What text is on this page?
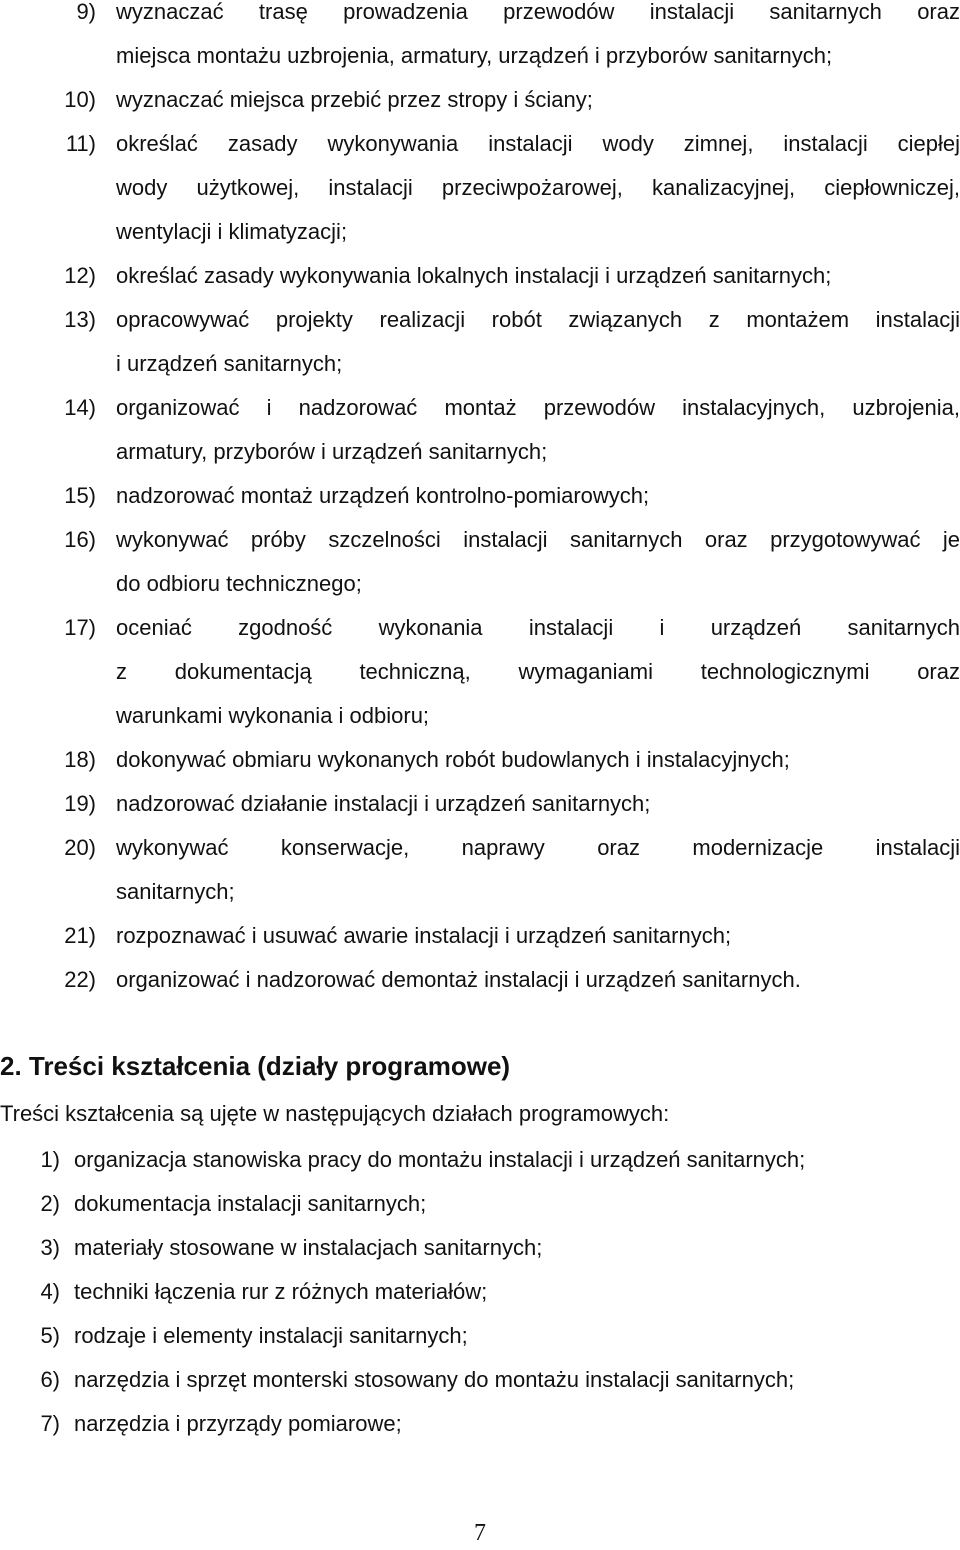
9) wyznaczać trasę prowadzenia przewodów instalacji sanitarnych oraz
miejsca montażu uzbrojenia, armatury, urządzeń i przyborów sanitarnych;
10) wyznaczać miejsca przebić przez stropy i ściany;
11) określać zasady wykonywania instalacji wody zimnej, instalacji ciepłej
wody użytkowej, instalacji przeciwpożarowej, kanalizacyjnej, ciepłowniczej,
wentylacji i klimatyzacji;
12) określać zasady wykonywania lokalnych instalacji i urządzeń sanitarnych;
13) opracowywać projekty realizacji robót związanych z montażem instalacji
i urządzeń sanitarnych;
14) organizować i nadzorować montaż przewodów instalacyjnych, uzbrojenia,
armatury, przyborów i urządzeń sanitarnych;
15) nadzorować montaż urządzeń kontrolno-pomiarowych;
16) wykonywać próby szczelności instalacji sanitarnych oraz przygotowywać je
do odbioru technicznego;
17) oceniać zgodność wykonania instalacji i urządzeń sanitarnych
z dokumentacją techniczną, wymaganiami technologicznymi oraz
warunkami wykonania i odbioru;
18) dokonywać obmiaru wykonanych robót budowlanych i instalacyjnych;
19) nadzorować działanie instalacji i urządzeń sanitarnych;
20) wykonywać konserwacje, naprawy oraz modernizacje instalacji
sanitarnych;
21) rozpoznawać i usuwać awarie instalacji i urządzeń sanitarnych;
22) organizować i nadzorować demontaż instalacji i urządzeń sanitarnych.
2. Treści kształcenia (działy programowe)
Treści kształcenia są ujęte w następujących działach programowych:
1) organizacja stanowiska pracy do montażu instalacji i urządzeń sanitarnych;
2) dokumentacja instalacji sanitarnych;
3) materiały stosowane w instalacjach sanitarnych;
4) techniki łączenia rur z różnych materiałów;
5) rodzaje i elementy instalacji sanitarnych;
6) narzędzia i sprzęt monterski stosowany do montażu instalacji sanitarnych;
7) narzędzia i przyrządy pomiarowe;
7
